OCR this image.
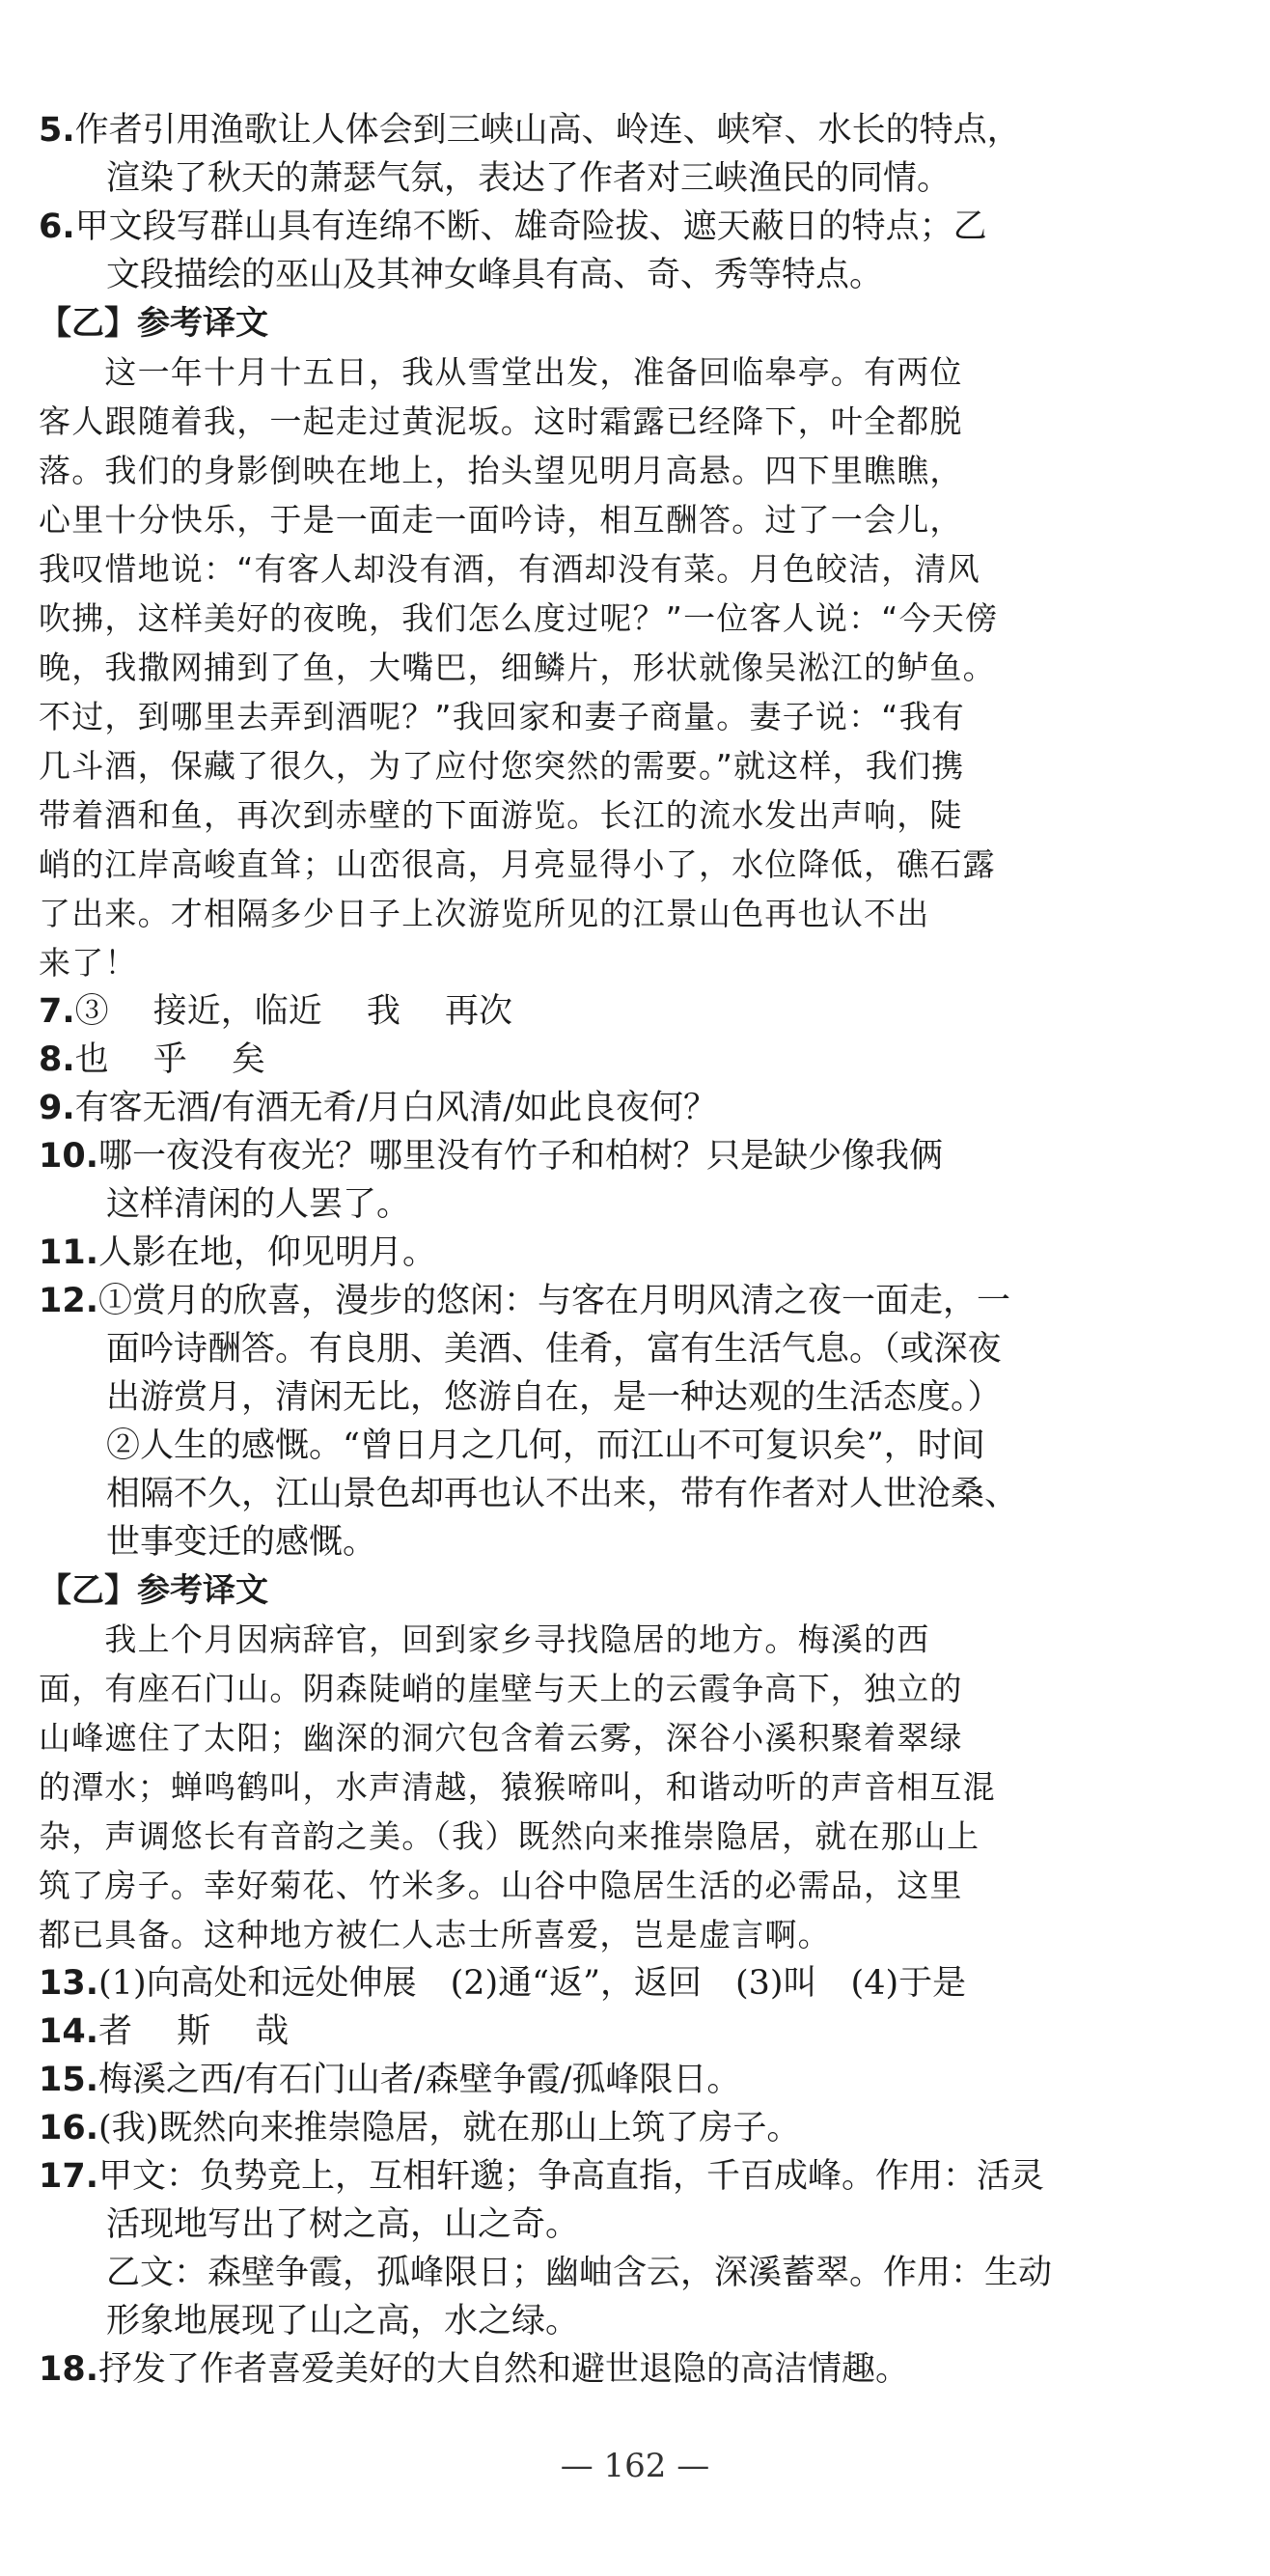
5.作者引用渔歌让人体会到三峡山高、岭连、峡窄、水长的特点，
渲染了秋天的萧瑟气氛，表达了作者对三峡渔民的同情。
6.甲文段写群山具有连绵不断、雄奇险拔、遮天蔽日的特点；乙
文段描绘的巫山及其神女峰具有高、奇、秀等特点。
【乙】参考译文
　　这一年十月十五日，我从雪堂出发，准备回临皋亭。有两位
客人跟随着我，一起走过黄泥坂。这时霜露已经降下，叶全都脱
落。我们的身影倒映在地上，抬头望见明月高悬。四下里瞧瞧，
心里十分快乐，于是一面走一面吟诗，相互酬答。过了一会儿，
我叹惜地说：“有客人却没有酒，有酒却没有菜。月色皎洁，清风
吹拂，这样美好的夜晚，我们怎么度过呢？”一位客人说：“今天傍
晚，我撒网捕到了鱼，大嘴巴，细鳞片，形状就像吴淞江的鲈鱼。
不过，到哪里去弄到酒呢？”我回家和妻子商量。妻子说：“我有
几斗酒，保藏了很久，为了应付您突然的需要。”就这样，我们携
带着酒和鱼，再次到赤壁的下面游览。长江的流水发出声响，陡
峭的江岸高峻直耸；山峦很高，月亮显得小了，水位降低，礁石露
了出来。才相隔多少日子上次游览所见的江景山色再也认不出
来了！
7.③　 接近，临近　 我　 再次
8.也　 乎　 矣
9.有客无酒/有酒无肴/月白风清/如此良夜何？
10.哪一夜没有夜光？哪里没有竹子和柏树？只是缺少像我俩
这样清闲的人罢了。
11.人影在地，仰见明月。
12.①赏月的欣喜，漫步的悠闲：与客在月明风清之夜一面走，一
面吟诗酬答。有良朋、美酒、佳肴，富有生活气息。（或深夜
出游赏月，清闲无比，悠游自在，是一种达观的生活态度。）
②人生的感慨。“曾日月之几何，而江山不可复识矣”，时间
相隔不久，江山景色却再也认不出来，带有作者对人世沧桑、
世事变迁的感慨。
【乙】参考译文
　　我上个月因病辞官，回到家乡寻找隐居的地方。梅溪的西
面，有座石门山。阴森陡峭的崖壁与天上的云霞争高下，独立的
山峰遮住了太阳；幽深的洞穴包含着云雾，深谷小溪积聚着翠绿
的潭水；蝉鸣鹤叫，水声清越，猿猴啼叫，和谐动听的声音相互混
杂，声调悠长有音韵之美。（我）既然向来推崇隐居，就在那山上
筑了房子。幸好菊花、竹米多。山谷中隐居生活的必需品，这里
都已具备。这种地方被仁人志士所喜爱，岂是虚言啊。
13.(1)向高处和远处伸展　(2)通“返”，返回　(3)叫　(4)于是
14.者　 斯　 哉
15.梅溪之西/有石门山者/森壁争霞/孤峰限日。
16.(我)既然向来推崇隐居，就在那山上筑了房子。
17.甲文：负势竞上，互相轩邈；争高直指，千百成峰。作用：活灵
活现地写出了树之高，山之奇。
乙文：森壁争霞，孤峰限日；幽岫含云，深溪蓄翠。作用：生动
形象地展现了山之高，水之绿。
18.抒发了作者喜爱美好的大自然和避世退隐的高洁情趣。
— 162 —
